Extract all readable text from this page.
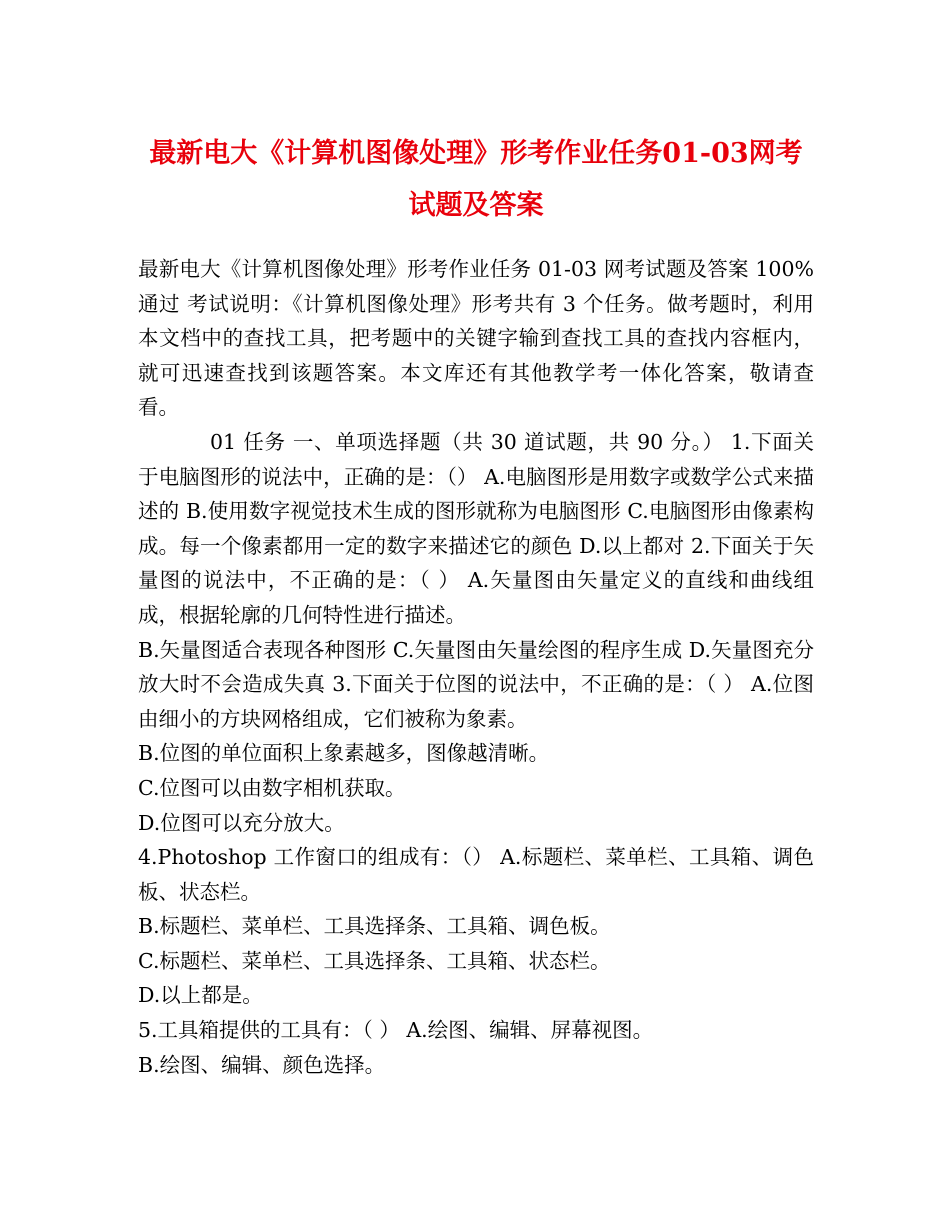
最新电大《计算机图像处理》形考作业任务01-03网考试题及答案

最新电大《计算机图像处理》形考作业任务 01-03 网考试题及答案 100%通过 考试说明：《计算机图像处理》形考共有 3 个任务。做考题时，利用本文档中的查找工具，把考题中的关键字输到查找工具的查找内容框内，就可迅速查找到该题答案。本文库还有其他教学考一体化答案，敬请查看。

01 任务 一、单项选择题（共 30 道试题，共 90 分。） 1.下面关于电脑图形的说法中，正确的是：（） A.电脑图形是用数字或数学公式来描述的 B.使用数字视觉技术生成的图形就称为电脑图形 C.电脑图形由像素构成。每一个像素都用一定的数字来描述它的颜色 D.以上都对 2.下面关于矢量图的说法中，不正确的是：（ ） A.矢量图由矢量定义的直线和曲线组成，根据轮廓的几何特性进行描述。

B.矢量图适合表现各种图形 C.矢量图由矢量绘图的程序生成 D.矢量图充分放大时不会造成失真 3.下面关于位图的说法中，不正确的是：（ ） A.位图由细小的方块网格组成，它们被称为象素。

B.位图的单位面积上象素越多，图像越清晰。

C.位图可以由数字相机获取。

D.位图可以充分放大。

4.Photoshop 工作窗口的组成有：（） A.标题栏、菜单栏、工具箱、调色板、状态栏。

B.标题栏、菜单栏、工具选择条、工具箱、调色板。

C.标题栏、菜单栏、工具选择条、工具箱、状态栏。

D.以上都是。

5.工具箱提供的工具有：（ ） A.绘图、编辑、屏幕视图。

B.绘图、编辑、颜色选择。
